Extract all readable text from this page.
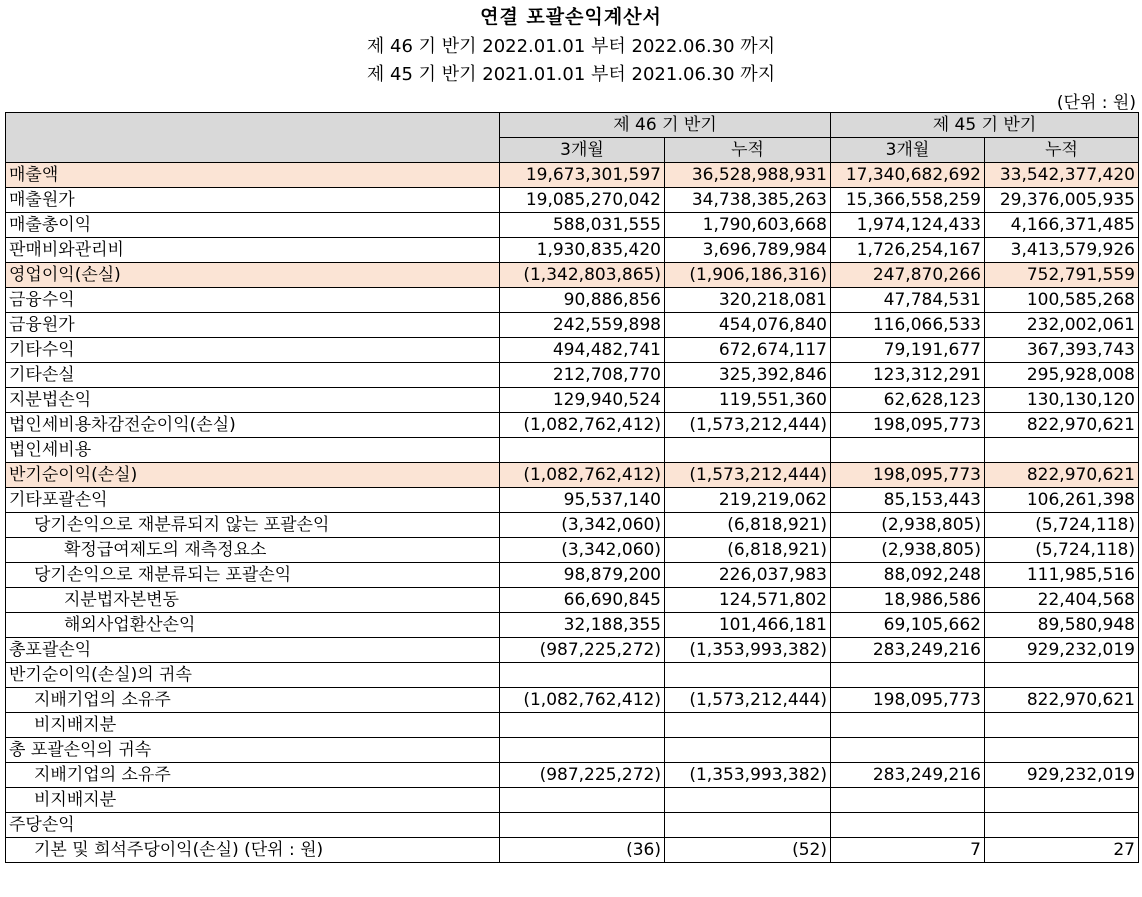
연결 포괄손익계산서
제 46 기 반기 2022.01.01 부터 2022.06.30 까지
제 45 기 반기 2021.01.01 부터 2021.06.30 까지
(단위 : 원)
	제 46 기 반기		제 45 기 반기	
	3개월	누적	3개월	누적
매출액	19,673,301,597	36,528,988,931	17,340,682,692	33,542,377,420
매출원가	19,085,270,042	34,738,385,263	15,366,558,259	29,376,005,935
매출총이익	588,031,555	1,790,603,668	1,974,124,433	4,166,371,485
판매비와관리비	1,930,835,420	3,696,789,984	1,726,254,167	3,413,579,926
영업이익(손실)	(1,342,803,865)	(1,906,186,316)	247,870,266	752,791,559
금융수익	90,886,856	320,218,081	47,784,531	100,585,268
금융원가	242,559,898	454,076,840	116,066,533	232,002,061
기타수익	494,482,741	672,674,117	79,191,677	367,393,743
기타손실	212,708,770	325,392,846	123,312,291	295,928,008
지분법손익	129,940,524	119,551,360	62,628,123	130,130,120
법인세비용차감전순이익(손실)	(1,082,762,412)	(1,573,212,444)	198,095,773	822,970,621
법인세비용				
반기순이익(손실)	(1,082,762,412)	(1,573,212,444)	198,095,773	822,970,621
기타포괄손익	95,537,140	219,219,062	85,153,443	106,261,398
당기손익으로 재분류되지 않는 포괄손익	(3,342,060)	(6,818,921)	(2,938,805)	(5,724,118)
확정급여제도의 재측정요소	(3,342,060)	(6,818,921)	(2,938,805)	(5,724,118)
당기손익으로 재분류되는 포괄손익	98,879,200	226,037,983	88,092,248	111,985,516
지분법자본변동	66,690,845	124,571,802	18,986,586	22,404,568
해외사업환산손익	32,188,355	101,466,181	69,105,662	89,580,948
총포괄손익	(987,225,272)	(1,353,993,382)	283,249,216	929,232,019
반기순이익(손실)의 귀속				
지배기업의 소유주	(1,082,762,412)	(1,573,212,444)	198,095,773	822,970,621
비지배지분				
총 포괄손익의 귀속				
지배기업의 소유주	(987,225,272)	(1,353,993,382)	283,249,216	929,232,019
비지배지분				
주당손익				
기본 및 희석주당이익(손실) (단위 : 원)	(36)	(52)	7	27
